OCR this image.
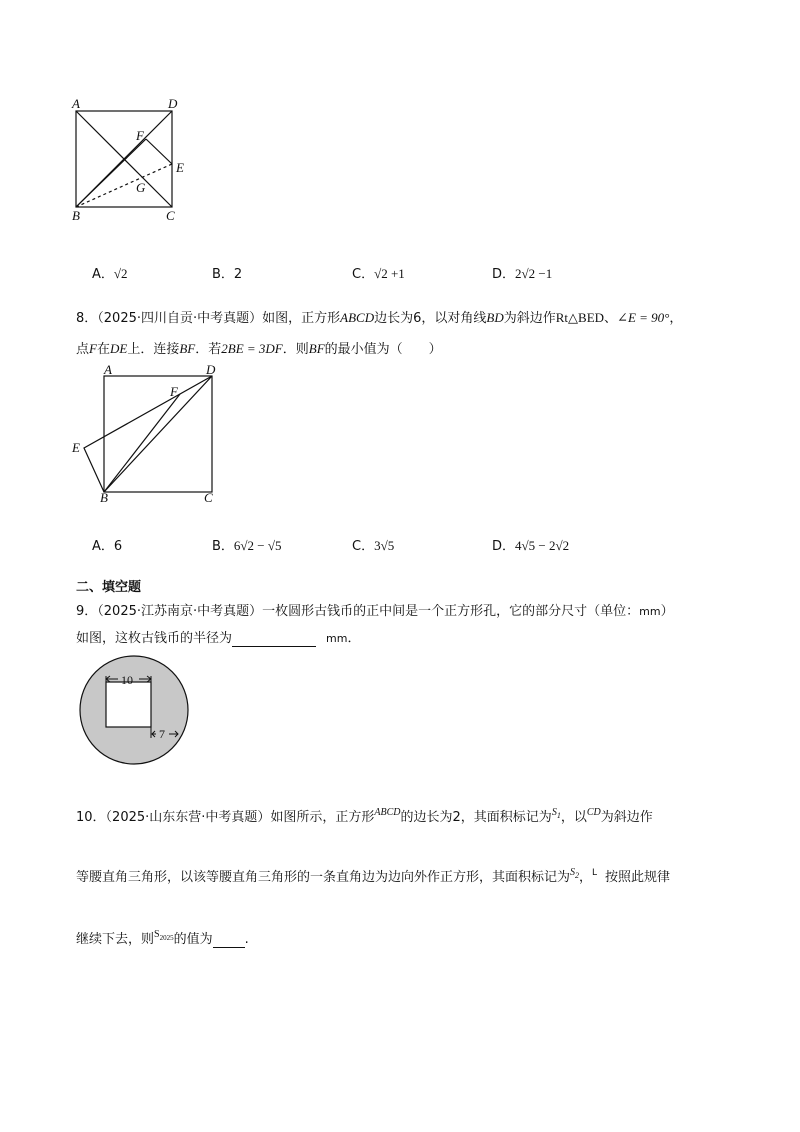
A	D
F
E
G
B	C
A．√2	B．2	C．√2 +1	D．2√2 −1
8．（2025·四川自贡·中考真题）如图，正方形ABCD边长为6，以对角线BD为斜边作Rt△BED、∠E = 90°，
点F在DE上．连接BF．若2BE = 3DF．则BF的最小值为（　　）
A	D
F
E
B	C
A．6	B．6√2 − √5	C．3√5	D．4√5 − 2√2
二、填空题
9．（2025·江苏南京·中考真题）一枚圆形古钱币的正中间是一个正方形孔，它的部分尺寸（单位：mm）
如图，这枚古钱币的半径为	mm．
10
7
10．（2025·山东东营·中考真题）如图所示，正方形$^{ABCD}$的边长为2，其面积标记为$^{S_1}$，以$^{CD}$为斜边作
等腰直角三角形，以该等腰直角三角形的一条直角边为边向外作正方形，其面积标记为$^{S_2}$，$^L$ 按照此规律
继续下去，则$^{S_{2025}}$的值为 .
